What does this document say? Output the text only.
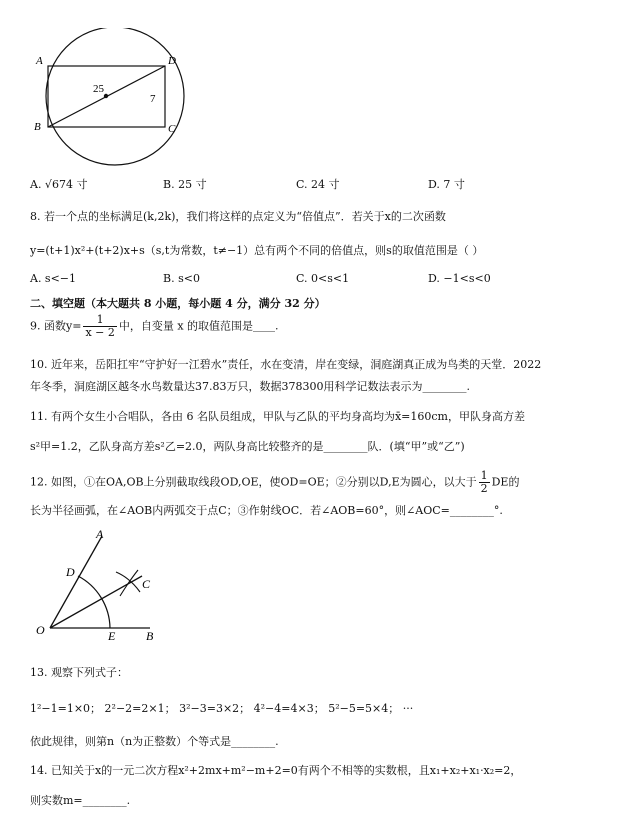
A	D
B	C
25
7
A. √674 寸	B. 25 寸	C. 24 寸	D. 7 寸
8. 若一个点的坐标满足(k,2k)，我们将这样的点定义为“倍值点”．若关于x的二次函数
y=(t+1)x²+(t+2)x+s（s,t为常数，t≠−1）总有两个不同的倍值点，则s的取值范围是（ ）
A. s<−1	B. s<0	C. 0<s<1	D. −1<s<0
二、填空题（本大题共 8 小题，每小题 4 分，满分 32 分）
9. 函数$y= \frac{1}{x - 2}$ 中，自变量 x 的取值范围是____.
10. 近年来，岳阳扛牢“守护好一江碧水”责任，水在变清，岸在变绿，洞庭湖真正成为鸟类的天堂．2022
年冬季，洞庭湖区越冬水鸟数量达37.83万只，数据378300用科学记数法表示为________.
11. 有两个女生小合唱队，各由 6 名队员组成，甲队与乙队的平均身高均为x̄=160cm，甲队身高方差
s²甲=1.2，乙队身高方差s²乙=2.0，两队身高比较整齐的是________队．(填“甲”或“乙”)
12. 如图，①在OA,OB上分别截取线段OD,OE，使OD=OE；②分别以D,E为圆心，以大于 $\frac{1}{2}$ DE的
长为半径画弧，在∠AOB内两弧交于点C；③作射线OC．若∠AOB=60°，则∠AOC=________°.
A
D
C
O	E	B
13. 观察下列式子：
1²−1=1×0； 2²−2=2×1； 3²−3=3×2； 4²−4=4×3； 5²−5=5×4； ···
依此规律，则第n（n为正整数）个等式是________.
14. 已知关于x的一元二次方程x²+2mx+m²−m+2=0有两个不相等的实数根，且x₁+x₂+x₁·x₂=2，
则实数m=________.
